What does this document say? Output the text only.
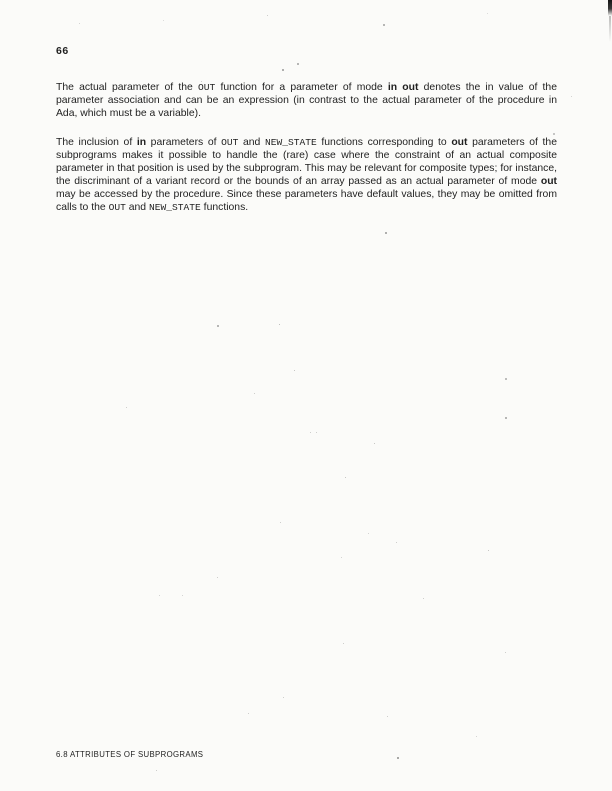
66

The actual parameter of the OUT function for a parameter of mode in out denotes the in value of the parameter association and can be an expression (in contrast to the actual parameter of the procedure in Ada, which must be a variable).

The inclusion of in parameters of OUT and NEW_STATE functions corresponding to out parameters of the subprograms makes it possible to handle the (rare) case where the constraint of an actual composite parameter in that position is used by the subprogram. This may be relevant for composite types; for instance, the discriminant of a variant record or the bounds of an array passed as an actual parameter of mode out may be accessed by the procedure. Since these parameters have default values, they may be omitted from calls to the OUT and NEW_STATE functions.

6.8 ATTRIBUTES OF SUBPROGRAMS
